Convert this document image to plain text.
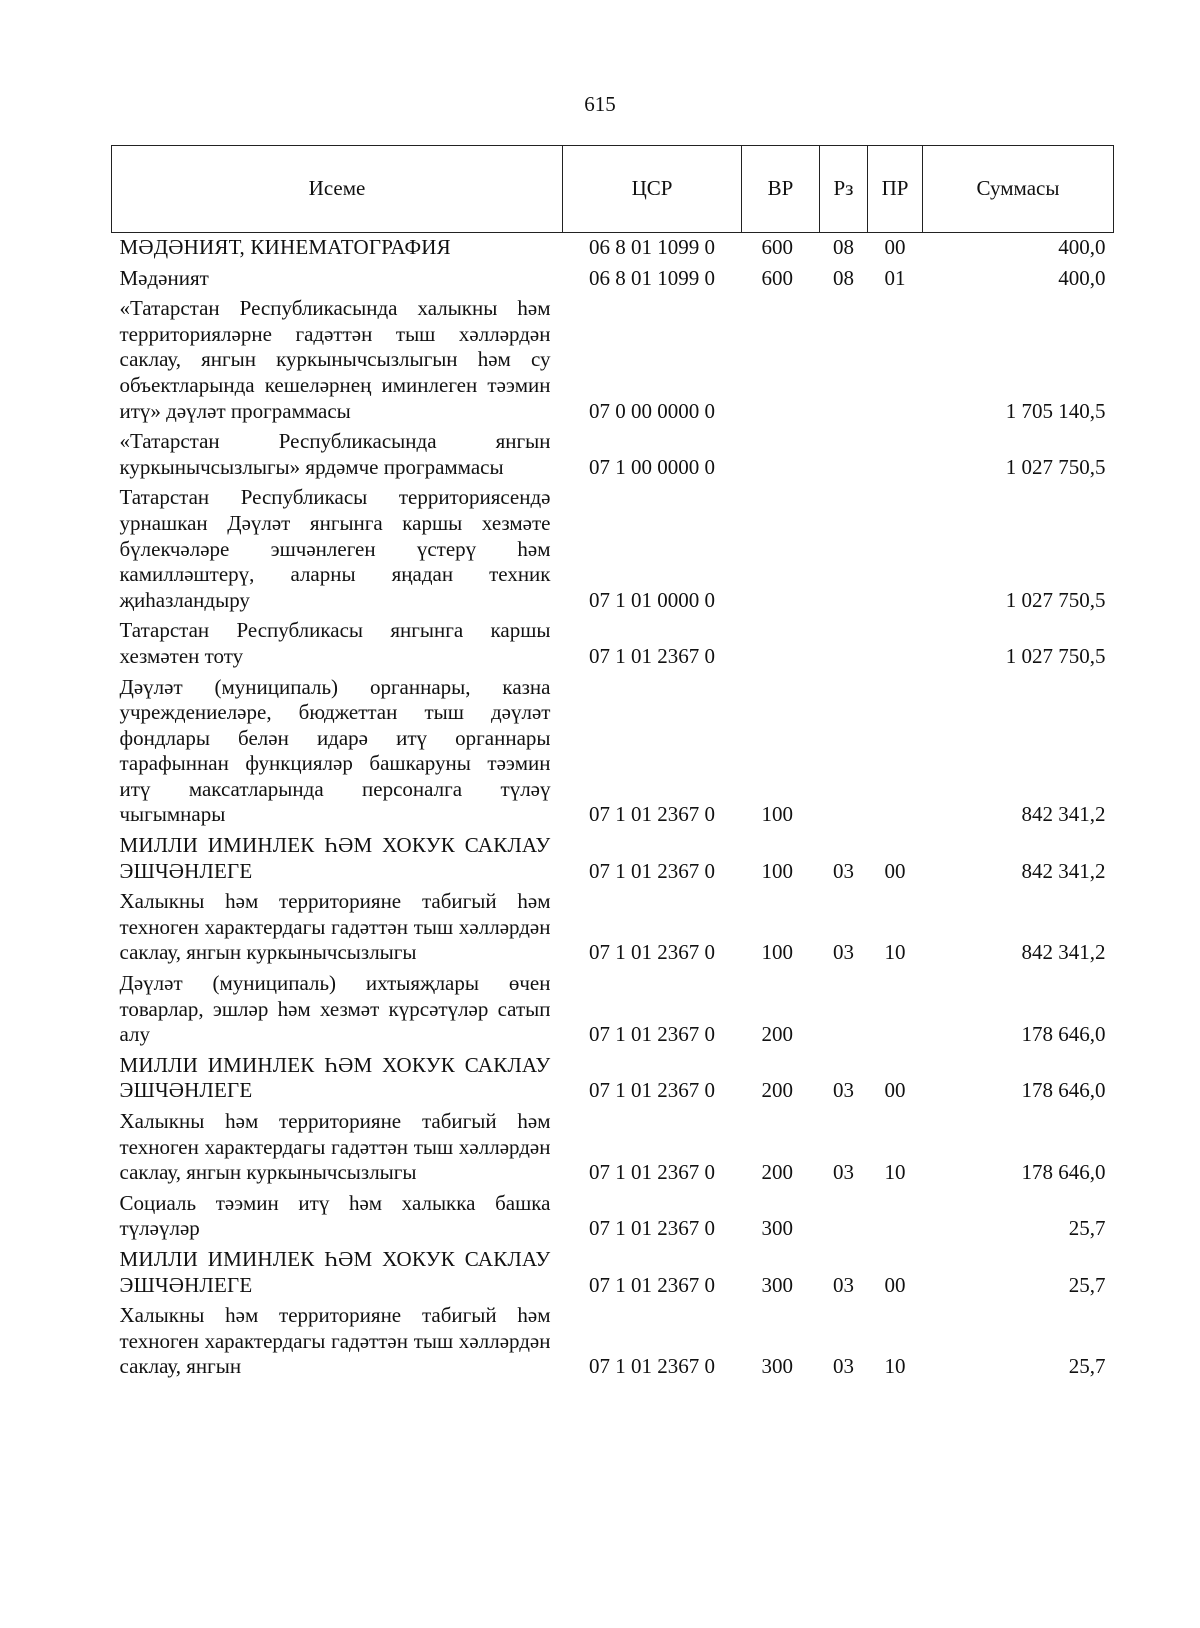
615
Исеме	ЦСР	ВР	Рз	ПР	Суммасы
МӘДӘНИЯТ, КИНЕМАТОГРАФИЯ	06 8 01 1099 0	600	08	00	400,0
Мәдәният	06 8 01 1099 0	600	08	01	400,0
«Татарстан Республикасында халыкны һәм территорияләрне гадәттән тыш хәлләрдән саклау, янгын куркынычсызлыгын һәм су объектларында кешеләрнең иминлеген тәэмин итү» дәүләт программасы	07 0 00 0000 0				1 705 140,5
«Татарстан Республикасында янгын куркынычсызлыгы» ярдәмче программасы	07 1 00 0000 0				1 027 750,5
Татарстан Республикасы территориясендә урнашкан Дәүләт янгынга каршы хезмәте бүлекчәләре эшчәнлеген үстерү һәм камилләштерү, аларны яңадан техник җиһазландыру	07 1 01 0000 0				1 027 750,5
Татарстан Республикасы янгынга каршы хезмәтен тоту	07 1 01 2367 0				1 027 750,5
Дәүләт (муниципаль) органнары, казна учреждениеләре, бюджеттан тыш дәүләт фондлары белән идарә итү органнары тарафыннан функцияләр башкаруны тәэмин итү максатларында персоналга түләү чыгымнары	07 1 01 2367 0	100			842 341,2
МИЛЛИ ИМИНЛЕК ҺӘМ ХОКУК САКЛАУ ЭШЧӘНЛЕГЕ	07 1 01 2367 0	100	03	00	842 341,2
Халыкны һәм территорияне табигый һәм техноген характердагы гадәттән тыш хәлләрдән саклау, янгын куркынычсызлыгы	07 1 01 2367 0	100	03	10	842 341,2
Дәүләт (муниципаль) ихтыяҗлары өчен товарлар, эшләр һәм хезмәт күрсәтүләр сатып алу	07 1 01 2367 0	200			178 646,0
МИЛЛИ ИМИНЛЕК ҺӘМ ХОКУК САКЛАУ ЭШЧӘНЛЕГЕ	07 1 01 2367 0	200	03	00	178 646,0
Халыкны һәм территорияне табигый һәм техноген характердагы гадәттән тыш хәлләрдән саклау, янгын куркынычсызлыгы	07 1 01 2367 0	200	03	10	178 646,0
Социаль тәэмин итү һәм халыкка башка түләүләр	07 1 01 2367 0	300			25,7
МИЛЛИ ИМИНЛЕК ҺӘМ ХОКУК САКЛАУ ЭШЧӘНЛЕГЕ	07 1 01 2367 0	300	03	00	25,7
Халыкны һәм территорияне табигый һәм техноген характердагы гадәттән тыш хәлләрдән саклау, янгын	07 1 01 2367 0	300	03	10	25,7
